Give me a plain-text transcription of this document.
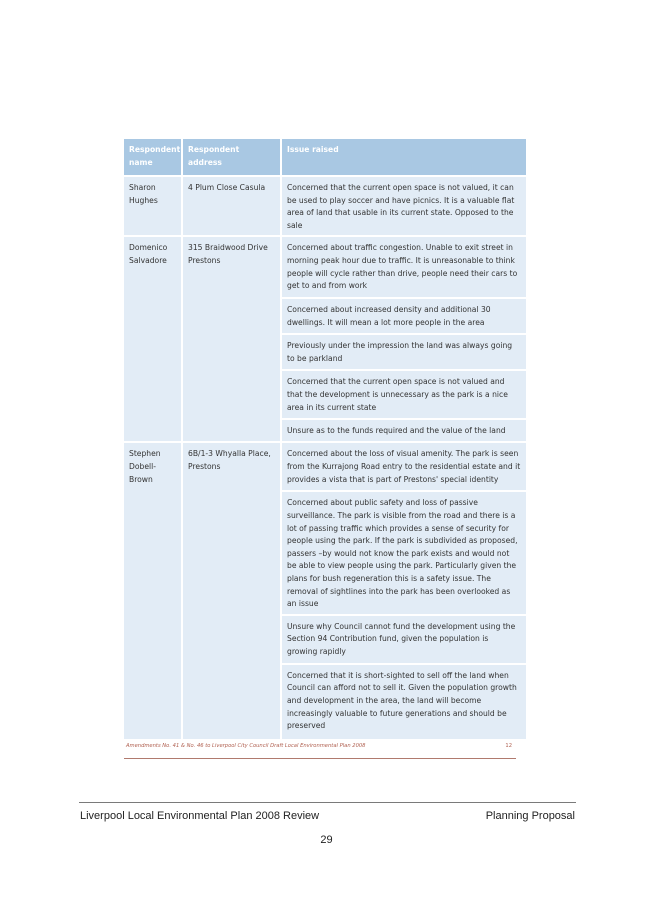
Respondent name	Respondent address	Issue raised
Sharon Hughes	4 Plum Close Casula	Concerned that the current open space is not valued, it can be used to play soccer and have picnics. It is a valuable flat area of land that usable in its current state. Opposed to the sale
Domenico Salvadore	315 Braidwood Drive Prestons	Concerned about traffic congestion. Unable to exit street in morning peak hour due to traffic. It is unreasonable to think people will cycle rather than drive, people need their cars to get to and from work
		Concerned about increased density and additional 30 dwellings. It will mean a lot more people in the area
		Previously under the impression the land was always going to be parkland
		Concerned that the current open space is not valued and that the development is unnecessary as the park is a nice area in its current state
		Unsure as to the funds required and the value of the land
Stephen Dobell-Brown	6B/1-3 Whyalla Place, Prestons	Concerned about the loss of visual amenity. The park is seen from the Kurrajong Road entry to the residential estate and it provides a vista that is part of Prestons' special identity
		Concerned about public safety and loss of passive surveillance. The park is visible from the road and there is a lot of passing traffic which provides a sense of security for people using the park. If the park is subdivided as proposed, passers –by would not know the park exists and would not be able to view people using the park. Particularly given the plans for bush regeneration this is a safety issue. The removal of sightlines into the park has been overlooked as an issue
		Unsure why Council cannot fund the development using the Section 94 Contribution fund, given the population is growing rapidly
		Concerned that it is short-sighted to sell off the land when Council can afford not to sell it. Given the population growth and development in the area, the land will become increasingly valuable to future generations and should be preserved
Amendments No. 41 & No. 46 to Liverpool City Council Draft Local Environmental Plan 2008	12
Liverpool Local Environmental Plan 2008 Review	Planning Proposal
29
